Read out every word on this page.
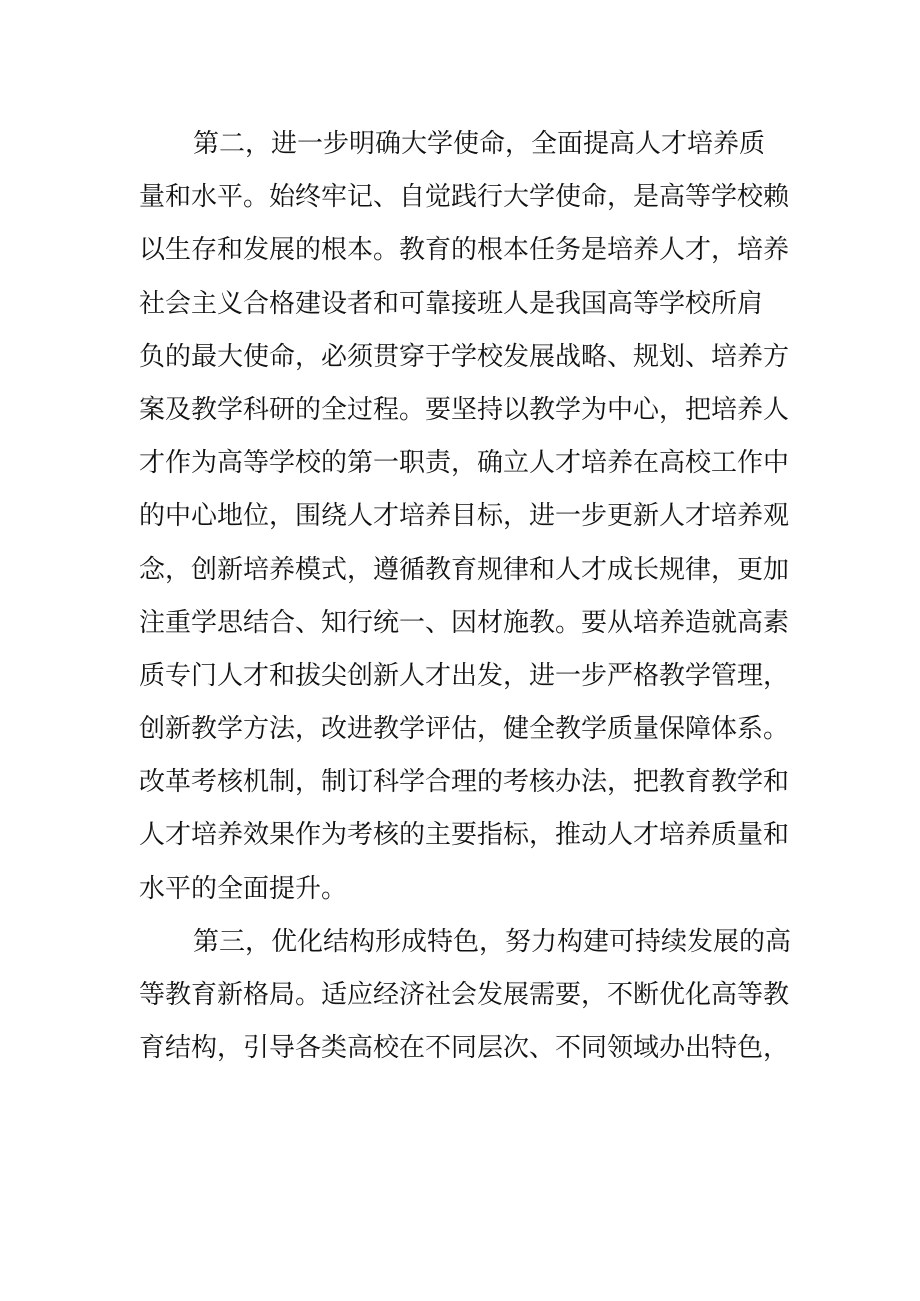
第二，进一步明确大学使命，全面提高人才培养质
量和水平。始终牢记、自觉践行大学使命，是高等学校赖
以生存和发展的根本。教育的根本任务是培养人才，培养
社会主义合格建设者和可靠接班人是我国高等学校所肩
负的最大使命，必须贯穿于学校发展战略、规划、培养方
案及教学科研的全过程。要坚持以教学为中心，把培养人
才作为高等学校的第一职责，确立人才培养在高校工作中
的中心地位，围绕人才培养目标，进一步更新人才培养观
念，创新培养模式，遵循教育规律和人才成长规律，更加
注重学思结合、知行统一、因材施教。要从培养造就高素
质专门人才和拔尖创新人才出发，进一步严格教学管理，
创新教学方法，改进教学评估，健全教学质量保障体系。
改革考核机制，制订科学合理的考核办法，把教育教学和
人才培养效果作为考核的主要指标，推动人才培养质量和
水平的全面提升。

第三，优化结构形成特色，努力构建可持续发展的高
等教育新格局。适应经济社会发展需要，不断优化高等教
育结构，引导各类高校在不同层次、不同领域办出特色，
